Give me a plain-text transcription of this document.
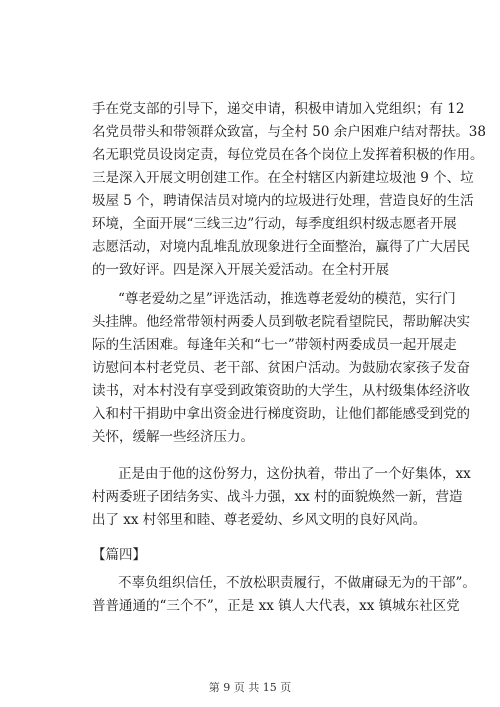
手在党支部的引导下，递交申请，积极申请加入党组织；有 12
名党员带头和带领群众致富，与全村 50 余户困难户结对帮扶。38
名无职党员设岗定责，每位党员在各个岗位上发挥着积极的作用。
三是深入开展文明创建工作。在全村辖区内新建垃圾池 9 个、垃
圾屋 5 个，聘请保洁员对境内的垃圾进行处理，营造良好的生活
环境，全面开展“三线三边”行动，每季度组织村级志愿者开展
志愿活动，对境内乱堆乱放现象进行全面整治，赢得了广大居民
的一致好评。四是深入开展关爱活动。在全村开展
“尊老爱幼之星”评选活动，推选尊老爱幼的模范，实行门
头挂牌。他经常带领村两委人员到敬老院看望院民，帮助解决实
际的生活困难。每逢年关和“七一”带领村两委成员一起开展走
访慰问本村老党员、老干部、贫困户活动。为鼓励农家孩子发奋
读书，对本村没有享受到政策资助的大学生，从村级集体经济收
入和村干捐助中拿出资金进行梯度资助，让他们都能感受到党的
关怀，缓解一些经济压力。
正是由于他的这份努力，这份执着，带出了一个好集体，xx
村两委班子团结务实、战斗力强，xx 村的面貌焕然一新，营造
出了 xx 村邻里和睦、尊老爱幼、乡风文明的良好风尚。
【篇四】
不辜负组织信任，不放松职责履行，不做庸碌无为的干部”。
普普通通的“三个不”，正是 xx 镇人大代表，xx 镇城东社区党
第 9 页 共 15 页
